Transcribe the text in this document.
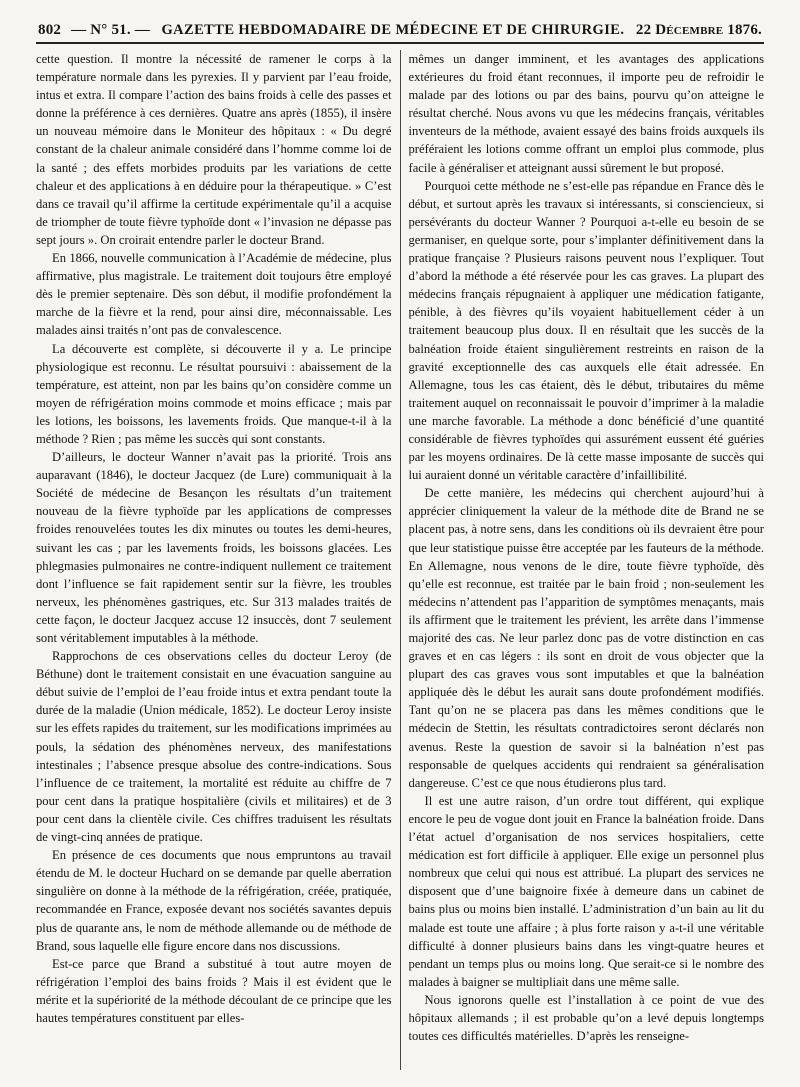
802 — N° 51. — GAZETTE HEBDOMADAIRE DE MÉDECINE ET DE CHIRURGIE. 22 Décembre 1876.

cette question. Il montre la nécessité de ramener le corps à la température normale dans les pyrexies. Il y parvient par l’eau froide, intus et extra. Il compare l’action des bains froids à celle des passes et donne la préférence à ces dernières. Quatre ans après (1855), il insère un nouveau mémoire dans le Moniteur des hôpitaux : « Du degré constant de la chaleur animale considéré dans l’homme comme loi de la santé ; des effets morbides produits par les variations de cette chaleur et des applications à en déduire pour la thérapeutique. » C’est dans ce travail qu’il affirme la certitude expérimentale qu’il a acquise de triompher de toute fièvre typhoïde dont « l’invasion ne dépasse pas sept jours ». On croirait entendre parler le docteur Brand.

En 1866, nouvelle communication à l’Académie de médecine, plus affirmative, plus magistrale. Le traitement doit toujours être employé dès le premier septenaire. Dès son début, il modifie profondément la marche de la fièvre et la rend, pour ainsi dire, méconnaissable. Les malades ainsi traités n’ont pas de convalescence.

La découverte est complète, si découverte il y a. Le principe physiologique est reconnu. Le résultat poursuivi : abaissement de la température, est atteint, non par les bains qu’on considère comme un moyen de réfrigération moins commode et moins efficace ; mais par les lotions, les boissons, les lavements froids. Que manque-t-il à la méthode ? Rien ; pas même les succès qui sont constants.

D’ailleurs, le docteur Wanner n’avait pas la priorité. Trois ans auparavant (1846), le docteur Jacquez (de Lure) communiquait à la Société de médecine de Besançon les résultats d’un traitement nouveau de la fièvre typhoïde par les applications de compresses froides renouvelées toutes les dix minutes ou toutes les demi-heures, suivant les cas ; par les lavements froids, les boissons glacées. Les phlegmasies pulmonaires ne contre-indiquent nullement ce traitement dont l’influence se fait rapidement sentir sur la fièvre, les troubles nerveux, les phénomènes gastriques, etc. Sur 313 malades traités de cette façon, le docteur Jacquez accuse 12 insuccès, dont 7 seulement sont véritablement imputables à la méthode.

Rapprochons de ces observations celles du docteur Leroy (de Béthune) dont le traitement consistait en une évacuation sanguine au début suivie de l’emploi de l’eau froide intus et extra pendant toute la durée de la maladie (Union médicale, 1852). Le docteur Leroy insiste sur les effets rapides du traitement, sur les modifications imprimées au pouls, la sédation des phénomènes nerveux, des manifestations intestinales ; l’absence presque absolue des contre-indications. Sous l’influence de ce traitement, la mortalité est réduite au chiffre de 7 pour cent dans la pratique hospitalière (civils et militaires) et de 3 pour cent dans la clientèle civile. Ces chiffres traduisent les résultats de vingt-cinq années de pratique.

En présence de ces documents que nous empruntons au travail étendu de M. le docteur Huchard on se demande par quelle aberration singulière on donne à la méthode de la réfrigération, créée, pratiquée, recommandée en France, exposée devant nos sociétés savantes depuis plus de quarante ans, le nom de méthode allemande ou de méthode de Brand, sous laquelle elle figure encore dans nos discussions.

Est-ce parce que Brand a substitué à tout autre moyen de réfrigération l’emploi des bains froids ? Mais il est évident que le mérite et la supériorité de la méthode découlant de ce principe que les hautes températures constituent par elles-

mêmes un danger imminent, et les avantages des applications extérieures du froid étant reconnues, il importe peu de refroidir le malade par des lotions ou par des bains, pourvu qu’on atteigne le résultat cherché. Nous avons vu que les médecins français, véritables inventeurs de la méthode, avaient essayé des bains froids auxquels ils préféraient les lotions comme offrant un emploi plus commode, plus facile à généraliser et atteignant aussi sûrement le but proposé.

Pourquoi cette méthode ne s’est-elle pas répandue en France dès le début, et surtout après les travaux si intéressants, si consciencieux, si persévérants du docteur Wanner ? Pourquoi a-t-elle eu besoin de se germaniser, en quelque sorte, pour s’implanter définitivement dans la pratique française ? Plusieurs raisons peuvent nous l’expliquer. Tout d’abord la méthode a été réservée pour les cas graves. La plupart des médecins français répugnaient à appliquer une médication fatigante, pénible, à des fièvres qu’ils voyaient habituellement céder à un traitement beaucoup plus doux. Il en résultait que les succès de la balnéation froide étaient singulièrement restreints en raison de la gravité exceptionnelle des cas auxquels elle était adressée. En Allemagne, tous les cas étaient, dès le début, tributaires du même traitement auquel on reconnaissait le pouvoir d’imprimer à la maladie une marche favorable. La méthode a donc bénéficié d’une quantité considérable de fièvres typhoïdes qui assurément eussent été guéries par les moyens ordinaires. De là cette masse imposante de succès qui lui auraient donné un véritable caractère d’infaillibilité.

De cette manière, les médecins qui cherchent aujourd’hui à apprécier cliniquement la valeur de la méthode dite de Brand ne se placent pas, à notre sens, dans les conditions où ils devraient être pour que leur statistique puisse être acceptée par les fauteurs de la méthode. En Allemagne, nous venons de le dire, toute fièvre typhoïde, dès qu’elle est reconnue, est traitée par le bain froid ; non-seulement les médecins n’attendent pas l’apparition de symptômes menaçants, mais ils affirment que le traitement les prévient, les arrête dans l’immense majorité des cas. Ne leur parlez donc pas de votre distinction en cas graves et en cas légers : ils sont en droit de vous objecter que la plupart des cas graves vous sont imputables et que la balnéation appliquée dès le début les aurait sans doute profondément modifiés. Tant qu’on ne se placera pas dans les mêmes conditions que le médecin de Stettin, les résultats contradictoires seront déclarés non avenus. Reste la question de savoir si la balnéation n’est pas responsable de quelques accidents qui rendraient sa généralisation dangereuse. C’est ce que nous étudierons plus tard.

Il est une autre raison, d’un ordre tout différent, qui explique encore le peu de vogue dont jouit en France la balnéation froide. Dans l’état actuel d’organisation de nos services hospitaliers, cette médication est fort difficile à appliquer. Elle exige un personnel plus nombreux que celui qui nous est attribué. La plupart des services ne disposent que d’une baignoire fixée à demeure dans un cabinet de bains plus ou moins bien installé. L’administration d’un bain au lit du malade est toute une affaire ; à plus forte raison y a-t-il une véritable difficulté à donner plusieurs bains dans les vingt-quatre heures et pendant un temps plus ou moins long. Que serait-ce si le nombre des malades à baigner se multipliait dans une même salle.

Nous ignorons quelle est l’installation à ce point de vue des hôpitaux allemands ; il est probable qu’on a levé depuis longtemps toutes ces difficultés matérielles. D’après les renseigne-
